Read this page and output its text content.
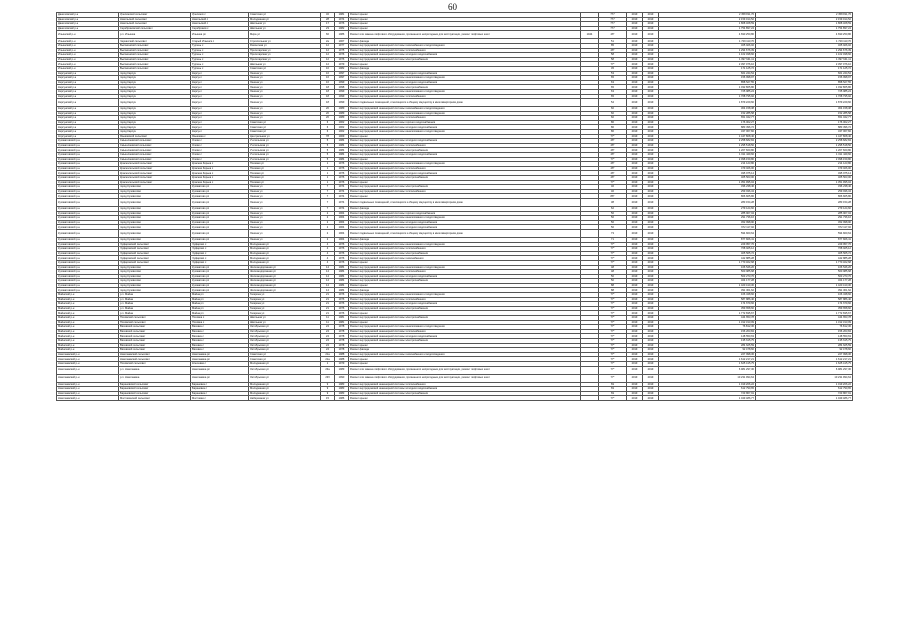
60
Даниловский р-н	Урюпинский сельсовет	Урюпинск с	Советская ул	32	1981	Ремонт крыши		777	2019	2019	2 358 811,76	2 358 811,76
Даниловский р-н	Никольский сельсовет	Никольский с	Молодежная ул	28	1974	Ремонт крыши		777	2019	2019	2 159 014,52	2 159 014,52
Даниловский р-н	Никольский сельсовет	Никольский с	Школьная ул	17	1976	Ремонт крыши		777	2019	2019	1 868 468,59	1 868 468,59
Даниловский р-н	Серебряковский сельсовет	Серебряков с	Школьная ул	23	1982	Ремонт крыши		777	2019	2019	1 754 897,24	1 754 897,24
Ильинский р-н	р.п. Ильинка	Ильинка рп	Мира ул	66	1986	Ремонт или замена лифтового оборудования, признанного непригодным для эксплуатации, ремонт лифтовых шахт	1944	46*	2019	2019	4 690 250,86	4 690 250,86
Ильинский р-н	Черкасский сельсовет	Старый Ильинск с	Строительная ул	2а	1967	Ремонт фасада		51	2019	2019	1 729 113,70	1 729 113,70
Ильинский р-н	Высокинский сельсовет	Тургень с	Ремонтная ул	12	1977	Ремонт внутридомовой инженерной системы газоснабжения и водоотведения		85	2019	2019	325 926,02	325 926,02
Ильинский р-н	Высокинский сельсовет	Тургень с	Пролетарская ул	12	1975	Ремонт внутридомовой инженерной системы теплоснабжения		46*	2019	2019	1 294 676,39	1 294 676,39
Ильинский р-н	Высокинский сельсовет	Тургень с	Пролетарская ул	12	1976	Ремонт внутридомовой инженерной системы холодного водоснабжения		58	2019	2019	1 102 498,60	1 102 498,60
Ильинский р-н	Высокинский сельсовет	Тургень с	Пролетарская ул	12	1976	Ремонт внутридомовой инженерной системы электроснабжения		58	2019	2019	1 097 641,11	1 097 641,11
Ильинский р-н	Высокинский сельсовет	Тургень с	Школьная ул	12	1979	Ремонт крыши		77*	2019	2019	2 397 076,10	2 397 076,10
Ильинский р-н	Высокинский сельсовет	Тургень с	Советская ул	10	1982	Ремонт фасада		45	2019	2019	171 125,72	171 125,72
Карсунский р-н	город Карсун	Карсун г	Ленина ул	16	1997	Ремонт внутридомовой инженерной системы холодного водоснабжения		53	2019	2019	661 244,54	661 244,54
Карсунский р-н	город Карсун	Карсун г	Ленина ул	16	1997	Ремонт внутридомовой инженерной системы канализования и водоотведения		65	2019	2019	156 998,97	156 998,97
Карсунский р-н	город Карсун	Карсун г	Ленина ул	16	1999	Ремонт внутридомовой инженерной системы холодного водоснабжения		63	2019	2019	858 527,55	858 527,55
Карсунский р-н	город Карсун	Карсун г	Ленина ул	18	1998	Ремонт внутридомовой инженерной системы электроснабжения		65	2019	2019	1 032 865,86	1 032 865,86
Карсунский р-н	город Карсун	Карсун г	Ленина ул	18	1999	Ремонт внутридомовой инженерной системы канализования и водоотведения		63	2019	2019	725 985,24	725 985,24
Карсунский р-н	город Карсун	Карсун г	Ленина ул	18	1999	Ремонт внутридомовой инженерной системы теплоснабжения		65	2019	2019	1 768 795,92	1 768 795,92
Карсунский р-н	город Карсун	Карсун г	Ленина ул	18	1999	Ремонт подвальных помещений, относящихся к общему имуществу в многоквартирном доме		54	2019	2019	1 879 229,60	1 879 229,60
Карсунский р-н	город Карсун	Карсун г	Ленина ул	20	1989	Ремонт внутридомовой инженерной системы газоснабжения и водоотведения		60	2019	2019	304 158,38	304 158,38
Карсунский р-н	город Карсун	Карсун г	Ленина ул	20	1989	Ремонт внутридомовой инженерной системы канализования и водоотведения		60	2019	2019	152 285,58	152 285,58
Карсунский р-н	город Карсун	Карсун г	Ленина ул	20	1989	Ремонт внутридомовой инженерной системы теплоснабжения		60	2019	2019	651 042,77	651 042,77
Карсунский р-н	город Карсун	Карсун г	Советская ул	6	1962	Ремонт внутридомовой инженерной системы горячего водоснабжения		86	2019	2019	176 002,27	176 002,27
Карсунский р-н	город Карсун	Карсун г	Советская ул	6	1962	Ремонт внутридомовой инженерной системы холодного водоснабжения		86	2019	2019	883 396,72	883 396,72
Карсунский р-н	город Карсун	Карсун г	Советская ул	6	1962	Ремонт внутридомовой инженерной системы канализования и водоотведения		86	2019	2019	347 067,82	347 067,82
Корсунский р-н	Языковский сельсовет	Языковка с	Центральная ул	78	1969	Ремонт крыши		77*	2019	2019	1 447 808,40	1 447 808,40
Кузоватовский р-н	Смышляевский сельсовет	Олово с	Учительская ул	5	1984	Ремонт внутридомовой инженерной системы холодного водоснабжения		46*	2019	2019	2 258 682,84	2 258 682,84
Кузоватовский р-н	Смышляевский сельсовет	Олово с	Учительская ул	5	1984	Ремонт внутридомовой инженерной системы теплоснабжения		46*	2019	2019	1 295 518,50	1 295 518,50
Кузоватовский р-н	Смышляевский сельсовет	Олово с	Учительская ул	5	1984	Ремонт внутридомовой инженерной системы электроснабжения		46*	2019	2019	1 207 660,80	1 207 660,80
Кузоватовский р-н	Смышляевский сельсовет	Олово с	Учительская ул	5	1984	Ремонт внутридомовой инженерной системы холодного водоснабжения		46*	2019	2019	1 011 449,60	1 011 449,60
Кузоватовский р-н	Смышляевский сельсовет	Олово с	Учительская ул	5	1984	Ремонт крыши		77*	2019	2019	2 098 159,80	2 098 159,80
Кузоватовский р-н	Красносельский сельсовет	Красная Зорька с	Полевая ул	1	1976	Ремонт внутридомовой инженерной системы канализования и водоотведения		46*	2019	2019	214 123,80	214 123,80
Кузоватовский р-н	Красносельский сельсовет	Красная Зорька с	Полевая ул	1	1976	Ремонт внутридомовой инженерной системы теплоснабжения		46*	2019	2019	479 026,00	479 026,00
Кузоватовский р-н	Красносельский сельсовет	Красная Зорька с	Полевая ул	1	1976	Ремонт внутридомовой инженерной системы холодного водоснабжения		46*	2019	2019	495 975,14	495 975,14
Кузоватовский р-н	Красносельский сельсовет	Красная Зорька с	Полевая ул	1	1976	Ремонт внутридомовой инженерной системы электроснабжения		46*	2019	2019	465 503,00	465 503,00
Кузоватовский р-н	Красносельский сельсовет	Красная Зорька с	Полевая ул	1	1976	Ремонт крыши		77*	2019	2019	1 351 995,04	1 351 995,04
Кузоватовский р-н	город Кузоватово	Кузоватово рп	Ленина ул	7	1974	Ремонт внутридомовой инженерной системы электроснабжения		46	2019	2019	336 238,46	336 238,46
Кузоватовский р-н	город Кузоватово	Кузоватово рп	Ленина ул	7	1974	Ремонт внутридомовой инженерной системы теплоснабжения		46	2019	2019	259 936,34	259 936,34
Кузоватовский р-н	город Кузоватово	Кузоватово рп	Ленина ул	7	1974	Ремонт крыши		86*	2019	2019	866 825,86	866 825,86
Кузоватовский р-н	город Кузоватово	Кузоватово рп	Ленина ул	7	1974	Ремонт подвальных помещений, относящихся к общему имуществу в многоквартирном доме		38	2019	2019	283 154,28	283 154,28
Кузоватовский р-н	город Кузоватово	Кузоватово рп	Ленина ул	7	1974	Ремонт фасада		62	2019	2019	279 124,60	279 124,60
Кузоватовский р-н	город Кузоватово	Кузоватово рп	Ленина ул	2	1964	Ремонт внутридомовой инженерной системы горячего водоснабжения		56	2019	2019	285 907,04	285 907,04
Кузоватовский р-н	город Кузоватово	Кузоватово рп	Ленина ул	2	1964	Ремонт внутридомовой инженерной системы канализования и водоотведения		56	2019	2019	291 736,16	291 736,16
Кузоватовский р-н	город Кузоватово	Кузоватово рп	Ленина ул	2	1964	Ремонт внутридомовой инженерной системы холодного водоснабжения		56	2019	2019	452 998,90	452 998,90
Кузоватовский р-н	город Кузоватово	Кузоватово рп	Ленина ул	2	1964	Ремонт внутридомовой инженерной системы холодного водоснабжения		56	2019	2019	672 117,02	672 117,02
Кузоватовский р-н	город Кузоватово	Кузоватово рп	Ленина ул	2	1964	Ремонт подвальных помещений, относящихся к общему имуществу в многоквартирном доме		73	2019	2019	594 820,64	594 820,64
Кузоватовский р-н	город Кузоватово	Кузоватово рп	Ленина ул	2	1964	Ремонт фасада		71	2019	2019	877 826,41	877 826,41
Кузоватовский р-н	Чуфаровский сельсовет	Чуфарово с	Молодежная ул	4	1976	Ремонт внутридомовой инженерной системы канализования и водоотведения		77*	2019	2019	229 957,76	229 957,76
Кузоватовский р-н	Чуфаровский сельсовет	Чуфарово с	Молодежная ул	4	1976	Ремонт внутридомовой инженерной системы теплоснабжения		77*	2019	2019	768 925,12	768 925,12
Кузоватовский р-н	Чуфаровский сельсовет	Чуфарово с	Молодежная ул	4	1976	Ремонт внутридомовой инженерной системы электроснабжения		77*	2019	2019	405 565,72	405 565,72
Кузоватовский р-н	Чуфаровский сельсовет	Чуфарово с	Молодежная ул	4	1976	Ремонт внутридомовой инженерной системы газоснабжения		77*	2019	2019	442 885,28	442 885,28
Кузоватовский р-н	Чуфаровский сельсовет	Чуфарово с	Молодежная ул	4	1976	Ремонт крыши		77*	2019	2019	1 770 462,68	1 770 462,68
Кузоватовский р-н	город Кузоватово	Кузоватово рп	Железнодорожная ул	14	1984	Ремонт внутридомовой инженерной системы канализования и водоотведения		48	2019	2019	166 546,26	166 546,26
Кузоватовский р-н	город Кузоватово	Кузоватово рп	Железнодорожная ул	14	1984	Ремонт внутридомовой инженерной системы теплоснабжения		48	2019	2019	560 985,68	560 985,68
Кузоватовский р-н	город Кузоватово	Кузоватово рп	Железнодорожная ул	14	1984	Ремонт внутридомовой инженерной системы холодного водоснабжения		50	2019	2019	503 273,76	503 273,76
Кузоватовский р-н	город Кузоватово	Кузоватово рп	Железнодорожная ул	14	1984	Ремонт внутридомовой инженерной системы электроснабжения		50	2019	2019	324 177,28	324 177,28
Кузоватовский р-н	город Кузоватово	Кузоватово рп	Железнодорожная ул	14	1984	Ремонт крыши		88	2019	2019	1 420 410,30	1 420 410,30
Кузоватовский р-н	город Кузоватово	Кузоватово рп	Железнодорожная ул	14	1984	Ремонт фасада		88	2019	2019	391 301,62	391 301,62
Майнский р-н	р.п. Майна	Майна рп	Гагарина ул	21	1976	Ремонт внутридомовой инженерной системы канализования и водоотведения		77*	2019	2019	166 348,60	166 348,60
Майнский р-н	р.п. Майна	Майна рп	Гагарина ул	21	1976	Ремонт внутридомовой инженерной системы теплоснабжения		77*	2019	2019	587 886,40	587 886,40
Майнский р-н	р.п. Майна	Майна рп	Гагарина ул	21	1976	Ремонт внутридомовой инженерной системы холодного водоснабжения		77*	2019	2019	174 679,66	174 679,66
Майнский р-н	р.п. Майна	Майна рп	Гагарина ул	21	1976	Ремонт внутридомовой инженерной системы электроснабжения		77*	2019	2019	359 658,60	359 658,60
Майнский р-н	р.п. Майна	Майна рп	Гагарина ул	21	1976	Ремонт крыши		77*	2019	2019	1 772 695,67	1 772 695,67
Майнский р-н	Поповский сельсовет	Поповка с	Школьная ул	11	1981	Ремонт внутридомовой инженерной системы электроснабжения		77*	2019	2019	444 653,78	444 653,78
Майнский р-н	Поповский сельсовет	Поповка с	Школьная ул	11	1981	Ремонт крыши		77*	2019	2019	1 312 313,09	1 312 313,09
Майнский р-н	Вязовский сельсовет	Вязовка с	Октябрьская ул	24	1978	Ремонт внутридомовой инженерной системы канализования и водоотведения		77*	2019	2019	76 812,36	76 812,36
Майнский р-н	Вязовский сельсовет	Вязовка с	Октябрьская ул	24	1978	Ремонт внутридомовой инженерной системы теплоснабжения		77*	2019	2019	156 263,84	156 263,84
Майнский р-н	Вязовский сельсовет	Вязовка с	Октябрьская ул	24	1978	Ремонт внутридомовой инженерной системы холодного водоснабжения		77*	2019	2019	148 550,63	148 550,63
Майнский р-н	Вязовский сельсовет	Вязовка с	Октябрьская ул	24	1978	Ремонт внутридомовой инженерной системы электроснабжения		77*	2019	2019	135 615,75	135 615,75
Майнский р-н	Вязовский сельсовет	Вязовка с	Октябрьская ул	24	1978	Ремонт крыши		77*	2019	2019	284 625,59	284 625,59
Майнский р-н	Вязовский сельсовет	Вязовка с	Октябрьская ул	24	1978	Ремонт фасада		77*	2019	2019	92 478,60	92 478,60
Николаевский р-н	Николаевский сельсовет	Николаевка рп	Советская ул	21а	1988	Ремонт внутридомовой инженерной системы газоснабжения и водоотведения		77*	2019	2019	227 998,36	227 998,36
Николаевский р-н	Николаевский сельсовет	Николаевка рп	Советская ул	21а	1988	Ремонт крыши		77*	2019	2019	1 612 217,21	1 612 217,21
Николаевский р-н	Поповский сельсовет	Ключевая с	Молодежная ул	1	1979	Ремонт крыши		77*	2019	2019	1 625 415,75	1 625 415,75
Николаевский р-н	р.п. Николаевка	Николаевка рп	Октябрьская ул	23а	1989	Ремонт или замена лифтового оборудования, признанного непригодным для эксплуатации, ремонт лифтовых шахт		77*	2019	2019	6 981 297,36	6 981 297,36
Николаевский р-н	р.п. Николаевка	Николаевка рп	Октябрьская ул	23б	1990	Ремонт или замена лифтового оборудования, признанного непригодным для эксплуатации, ремонт лифтовых шахт		77*	2019	2019	10 231 994,64	10 231 994,64
Николаевский р-н	Барановский сельсовет	Барановка с	Молодежная ул	9	1983	Ремонт внутридомовой инженерной системы теплоснабжения		69	2019	2019	1 019 206,22	1 019 206,22
Николаевский р-н	Барановский сельсовет	Барановка с	Молодежная ул	9	1983	Ремонт внутридомовой инженерной системы холодного водоснабжения		69	2019	2019	612 790,65	612 790,65
Николаевский р-н	Барановский сельсовет	Барановка с	Молодежная ул	9	1983	Ремонт внутридомовой инженерной системы электроснабжения		69	2019	2019	723 867,91	723 867,91
Николаевский р-н	Мостовинский сельсовет	Мостовая с	Набережная ул	15	1986	Ремонт крыши		77*	2019	2019	1 049 486,77	1 049 486,77
